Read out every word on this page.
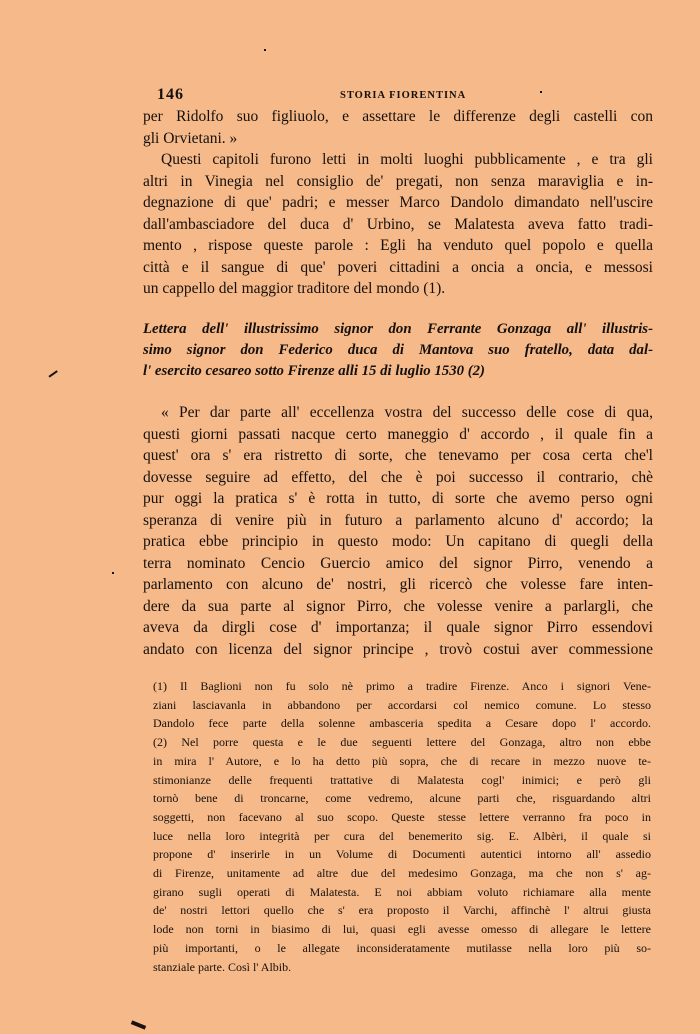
146	STORIA FIORENTINA

per Ridolfo suo figliuolo, e assettare le differenze degli castelli con

gli Orvietani. »

Questi capitoli furono letti in molti luoghi pubblicamente , e tra gli

altri in Vinegia nel consiglio de' pregati, non senza maraviglia e in-

degnazione di que' padri; e messer Marco Dandolo dimandato nell'uscire

dall'ambasciadore del duca d' Urbino, se Malatesta aveva fatto tradi-

mento , rispose queste parole : Egli ha venduto quel popolo e quella

città e il sangue di que' poveri cittadini a oncia a oncia, e messosi

un cappello del maggior traditore del mondo (1).

Lettera dell' illustrissimo signor don Ferrante Gonzaga all' illustris-

simo signor don Federico duca di Mantova suo fratello, data dal-

l' esercito cesareo sotto Firenze alli 15 di luglio 1530 (2)

« Per dar parte all' eccellenza vostra del successo delle cose di qua,

questi giorni passati nacque certo maneggio d' accordo , il quale fin a

quest' ora s' era ristretto di sorte, che tenevamo per cosa certa che'l

dovesse seguire ad effetto, del che è poi successo il contrario, chè

pur oggi la pratica s' è rotta in tutto, di sorte che avemo perso ogni

speranza di venire più in futuro a parlamento alcuno d' accordo; la

pratica ebbe principio in questo modo: Un capitano di quegli della

terra nominato Cencio Guercio amico del signor Pirro, venendo a

parlamento con alcuno de' nostri, gli ricercò che volesse fare inten-

dere da sua parte al signor Pirro, che volesse venire a parlargli, che

aveva da dirgli cose d' importanza; il quale signor Pirro essendovi

andato con licenza del signor principe , trovò costui aver commessione

(1) Il Baglioni non fu solo nè primo a tradire Firenze. Anco i signori Vene-

ziani lasciavanla in abbandono per accordarsi col nemico comune. Lo stesso

Dandolo fece parte della solenne ambasceria spedita a Cesare dopo l' accordo.

(2) Nel porre questa e le due seguenti lettere del Gonzaga, altro non ebbe

in mira l' Autore, e lo ha detto più sopra, che di recare in mezzo nuove te-

stimonianze delle frequenti trattative di Malatesta cogl' inimici; e però gli

tornò bene di troncarne, come vedremo, alcune parti che, risguardando altri

soggetti, non facevano al suo scopo. Queste stesse lettere verranno fra poco in

luce nella loro integrità per cura del benemerito sig. E. Albèri, il quale si

propone d' inserirle in un Volume di Documenti autentici intorno all' assedio

di Firenze, unitamente ad altre due del medesimo Gonzaga, ma che non s' ag-

girano sugli operati di Malatesta. E noi abbiam voluto richiamare alla mente

de' nostri lettori quello che s' era proposto il Varchi, affinchè l' altrui giusta

lode non torni in biasimo di lui, quasi egli avesse omesso di allegare le lettere

più importanti, o le allegate inconsideratamente mutilasse nella loro più so-

stanziale parte. Così l' Albib.
